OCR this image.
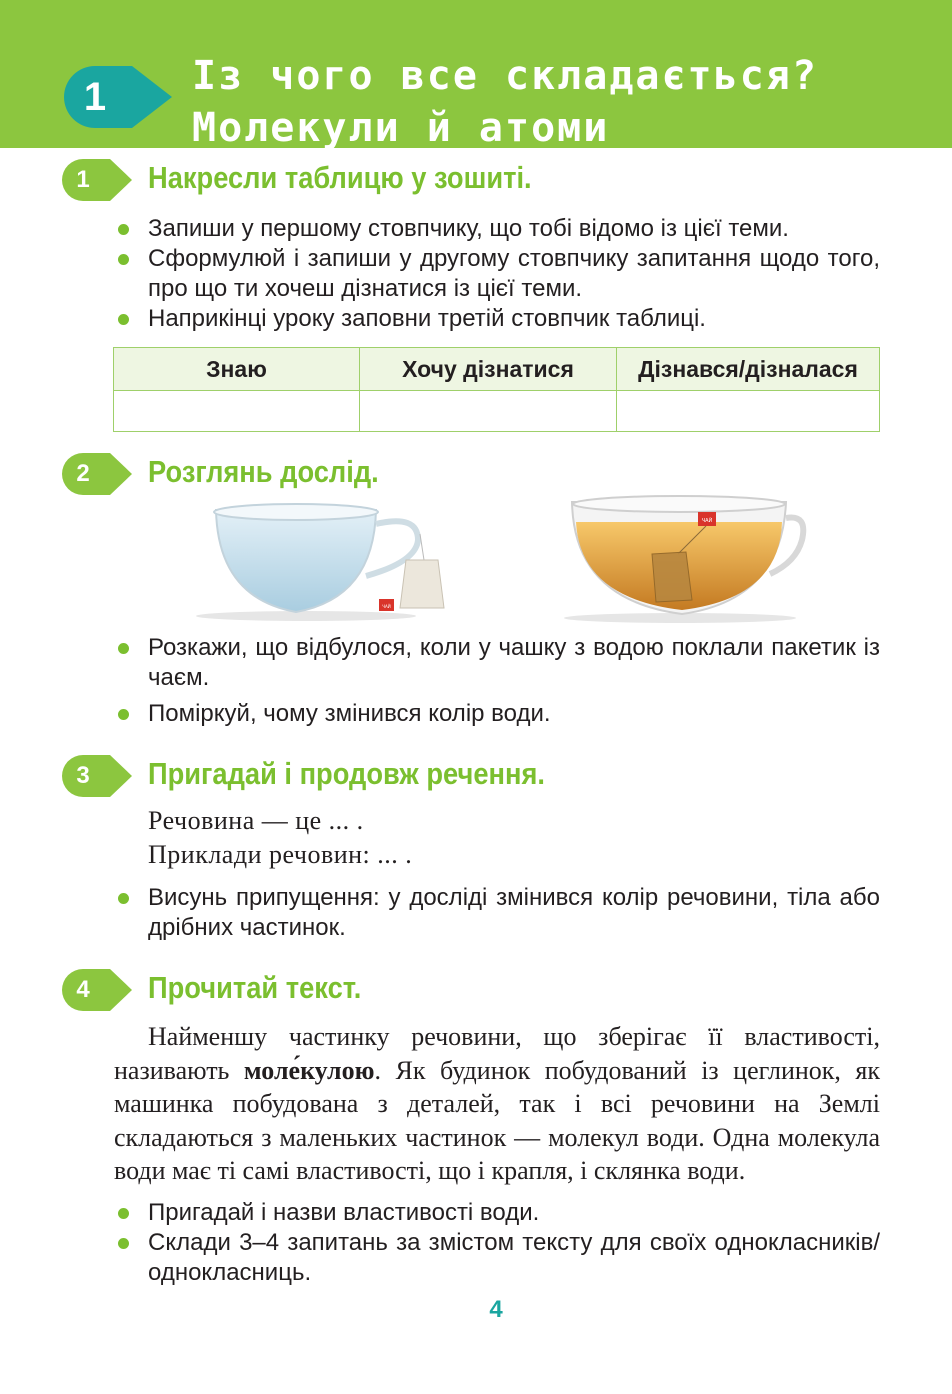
1	Із чого все складається?
Молекули й атоми
1	Накресли таблицю у зошиті.
Запиши у першому стовпчику, що тобі відомо із цієї теми.
Сформулюй і запиши у другому стовпчику запитання щодо того, про що ти хочеш дізнатися із цієї теми.
Наприкінці уроку заповни третій стовпчик таблиці.
Знаю	Хочу дізнатися	Дізнався/дізналася

2	Розглянь дослід.
ЧАЙ
ЧАЙ
Розкажи, що відбулося, коли у чашку з водою поклали пакетик із чаєм.
Поміркуй, чому змінився колір води.
3	Пригадай і продовж речення.

Речовина — це ... .

Приклади речовин: ... .

Висунь припущення: у досліді змінився колір речовини, тіла або дрібних частинок.
4	Прочитай текст.

Найменшу частинку речовини, що зберігає її властивості, називають моле́кулою. Як будинок побудований із цеглинок, як машинка побудована з деталей, так і всі речовини на Землі складаються з маленьких частинок — молекул води. Одна молекула води має ті самі властивості, що і крапля, і склянка води.

Пригадай і назви властивості води.
Склади 3–4 запитань за змістом тексту для своїх однокласників/однокласниць.
4
